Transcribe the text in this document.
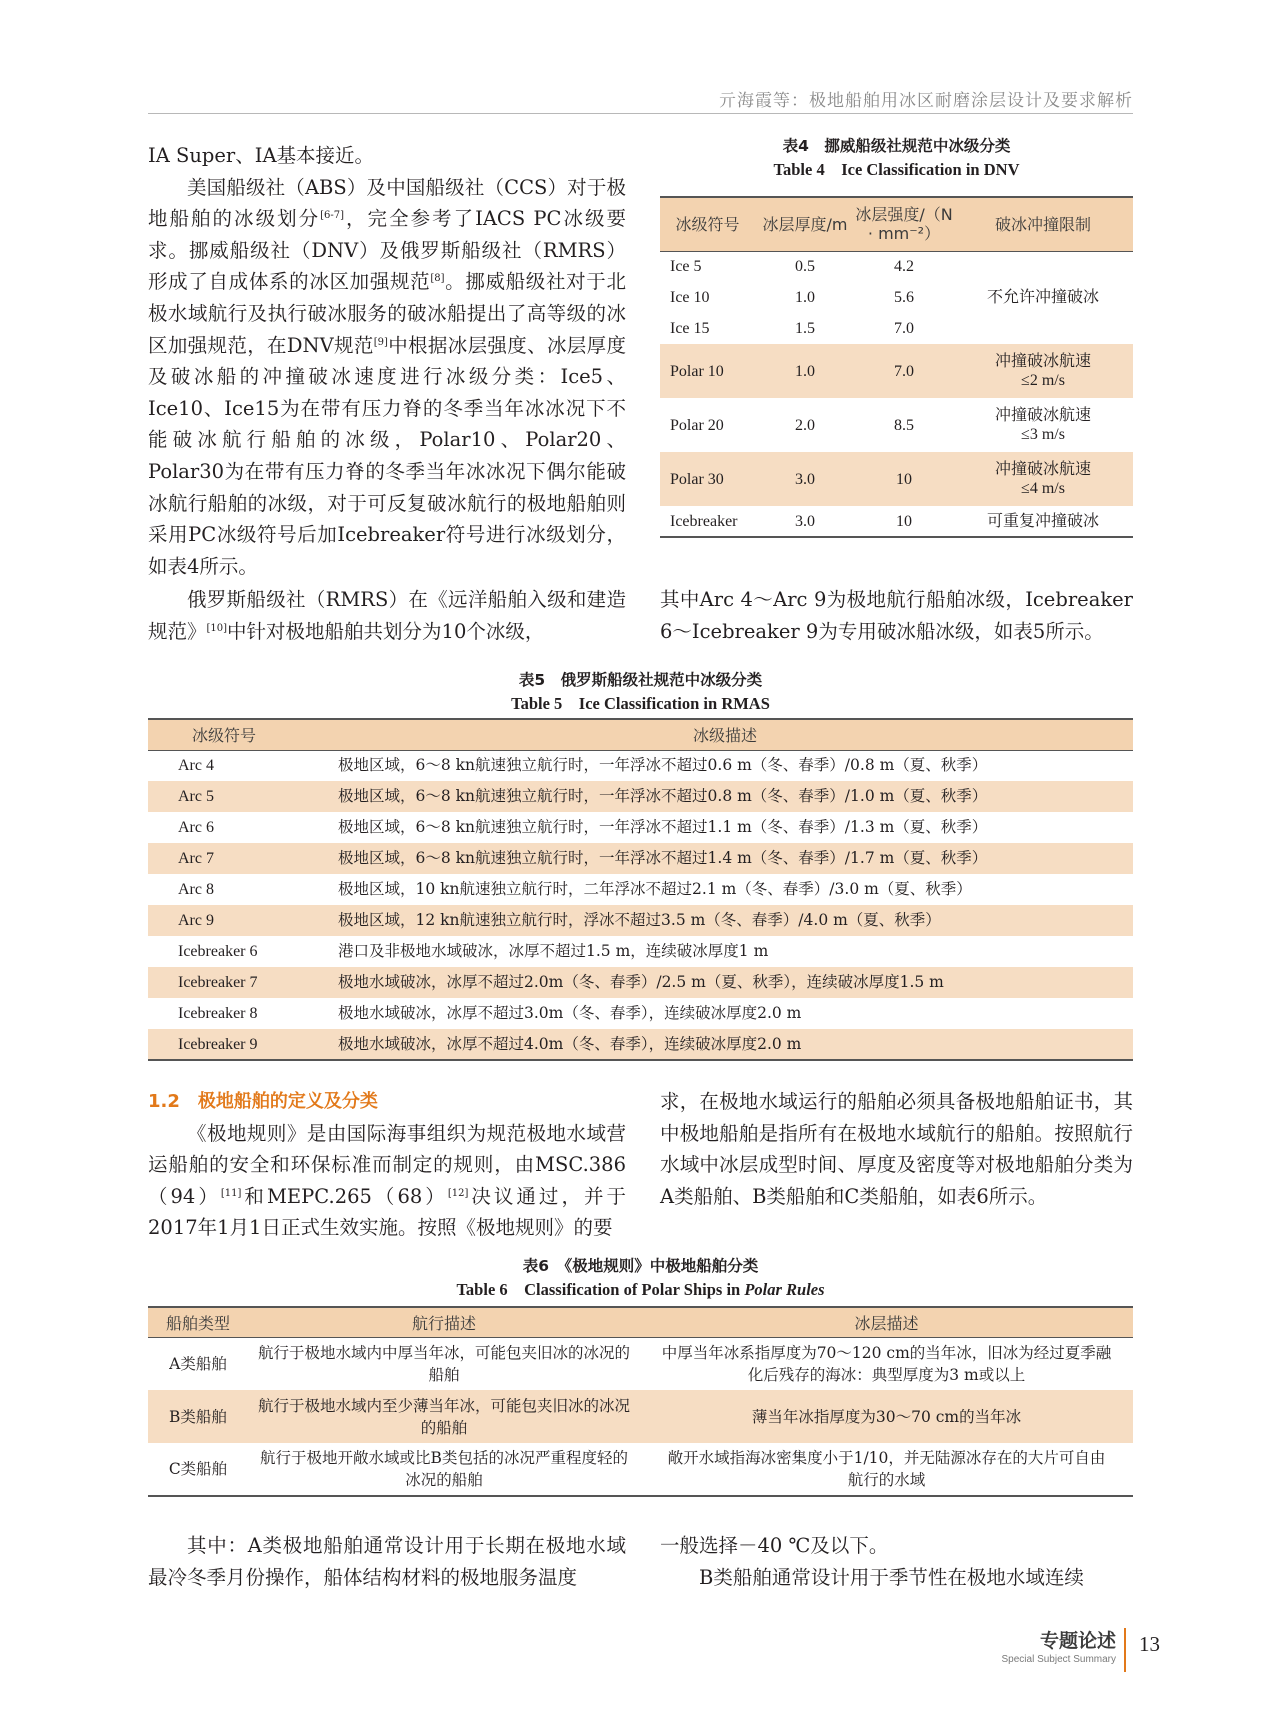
亓海霞等：极地船舶用冰区耐磨涂层设计及要求解析

IA Super、IA基本接近。

美国船级社（ABS）及中国船级社（CCS）对于极地船舶的冰级划分[6-7]，完全参考了IACS PC冰级要求。挪威船级社（DNV）及俄罗斯船级社（RMRS）形成了自成体系的冰区加强规范[8]。挪威船级社对于北极水域航行及执行破冰服务的破冰船提出了高等级的冰区加强规范，在DNV规范[9]中根据冰层强度、冰层厚度及破冰船的冲撞破冰速度进行冰级分类：Ice5、Ice10、Ice15为在带有压力脊的冬季当年冰冰况下不能破冰航行船舶的冰级，Polar10、Polar20、Polar30为在带有压力脊的冬季当年冰冰况下偶尔能破冰航行船舶的冰级，对于可反复破冰航行的极地船舶则采用PC冰级符号后加Icebreaker符号进行冰级划分，如表4所示。

俄罗斯船级社（RMRS）在《远洋船舶入级和建造规范》[10]中针对极地船舶共划分为10个冰级，

表4　挪威船级社规范中冰级分类
Table 4　Ice Classification in DNV
冰级符号	冰层厚度/m	冰层强度/（N · mm⁻²）	破冰冲撞限制
Ice 5	0.5	4.2	不允许冲撞破冰
Ice 10	1.0	5.6	
Ice 15	1.5	7.0	
Polar 10	1.0	7.0	冲撞破冰航速≤2 m/s
Polar 20	2.0	8.5	冲撞破冰航速≤3 m/s
Polar 30	3.0	10	冲撞破冰航速≤4 m/s
Icebreaker	3.0	10	可重复冲撞破冰

其中Arc 4～Arc 9为极地航行船舶冰级，Icebreaker 6～Icebreaker 9为专用破冰船冰级，如表5所示。

表5　俄罗斯船级社规范中冰级分类
Table 5　Ice Classification in RMAS
冰级符号	冰级描述
Arc 4	极地区域，6～8 kn航速独立航行时，一年浮冰不超过0.6 m（冬、春季）/0.8 m（夏、秋季）
Arc 5	极地区域，6～8 kn航速独立航行时，一年浮冰不超过0.8 m（冬、春季）/1.0 m（夏、秋季）
Arc 6	极地区域，6～8 kn航速独立航行时，一年浮冰不超过1.1 m（冬、春季）/1.3 m（夏、秋季）
Arc 7	极地区域，6～8 kn航速独立航行时，一年浮冰不超过1.4 m（冬、春季）/1.7 m（夏、秋季）
Arc 8	极地区域，10 kn航速独立航行时，二年浮冰不超过2.1 m（冬、春季）/3.0 m（夏、秋季）
Arc 9	极地区域，12 kn航速独立航行时，浮冰不超过3.5 m（冬、春季）/4.0 m（夏、秋季）
Icebreaker 6	港口及非极地水域破冰，冰厚不超过1.5 m，连续破冰厚度1 m
Icebreaker 7	极地水域破冰，冰厚不超过2.0m（冬、春季）/2.5 m（夏、秋季），连续破冰厚度1.5 m
Icebreaker 8	极地水域破冰，冰厚不超过3.0m（冬、春季），连续破冰厚度2.0 m
Icebreaker 9	极地水域破冰，冰厚不超过4.0m（冬、春季），连续破冰厚度2.0 m

1.2　极地船舶的定义及分类

《极地规则》是由国际海事组织为规范极地水域营运船舶的安全和环保标准而制定的规则，由MSC.386（94）[11]和MEPC.265（68）[12]决议通过，并于2017年1月1日正式生效实施。按照《极地规则》的要

求，在极地水域运行的船舶必须具备极地船舶证书，其中极地船舶是指所有在极地水域航行的船舶。按照航行水域中冰层成型时间、厚度及密度等对极地船舶分类为A类船舶、B类船舶和C类船舶，如表6所示。

表6　《极地规则》中极地船舶分类
Table 6　Classification of Polar Ships in Polar Rules
船舶类型	航行描述	冰层描述
A类船舶	航行于极地水域内中厚当年冰，可能包夹旧冰的冰况的船舶	中厚当年冰系指厚度为70～120 cm的当年冰，旧冰为经过夏季融化后残存的海冰：典型厚度为3 m或以上
B类船舶	航行于极地水域内至少薄当年冰，可能包夹旧冰的冰况的船舶	薄当年冰指厚度为30～70 cm的当年冰
C类船舶	航行于极地开敞水域或比B类包括的冰况严重程度轻的冰况的船舶	敞开水域指海冰密集度小于1/10，并无陆源冰存在的大片可自由航行的水域

其中：A类极地船舶通常设计用于长期在极地水域最冷冬季月份操作，船体结构材料的极地服务温度

一般选择－40 ℃及以下。

B类船舶通常设计用于季节性在极地水域连续

专题论述
Special Subject Summary
13
